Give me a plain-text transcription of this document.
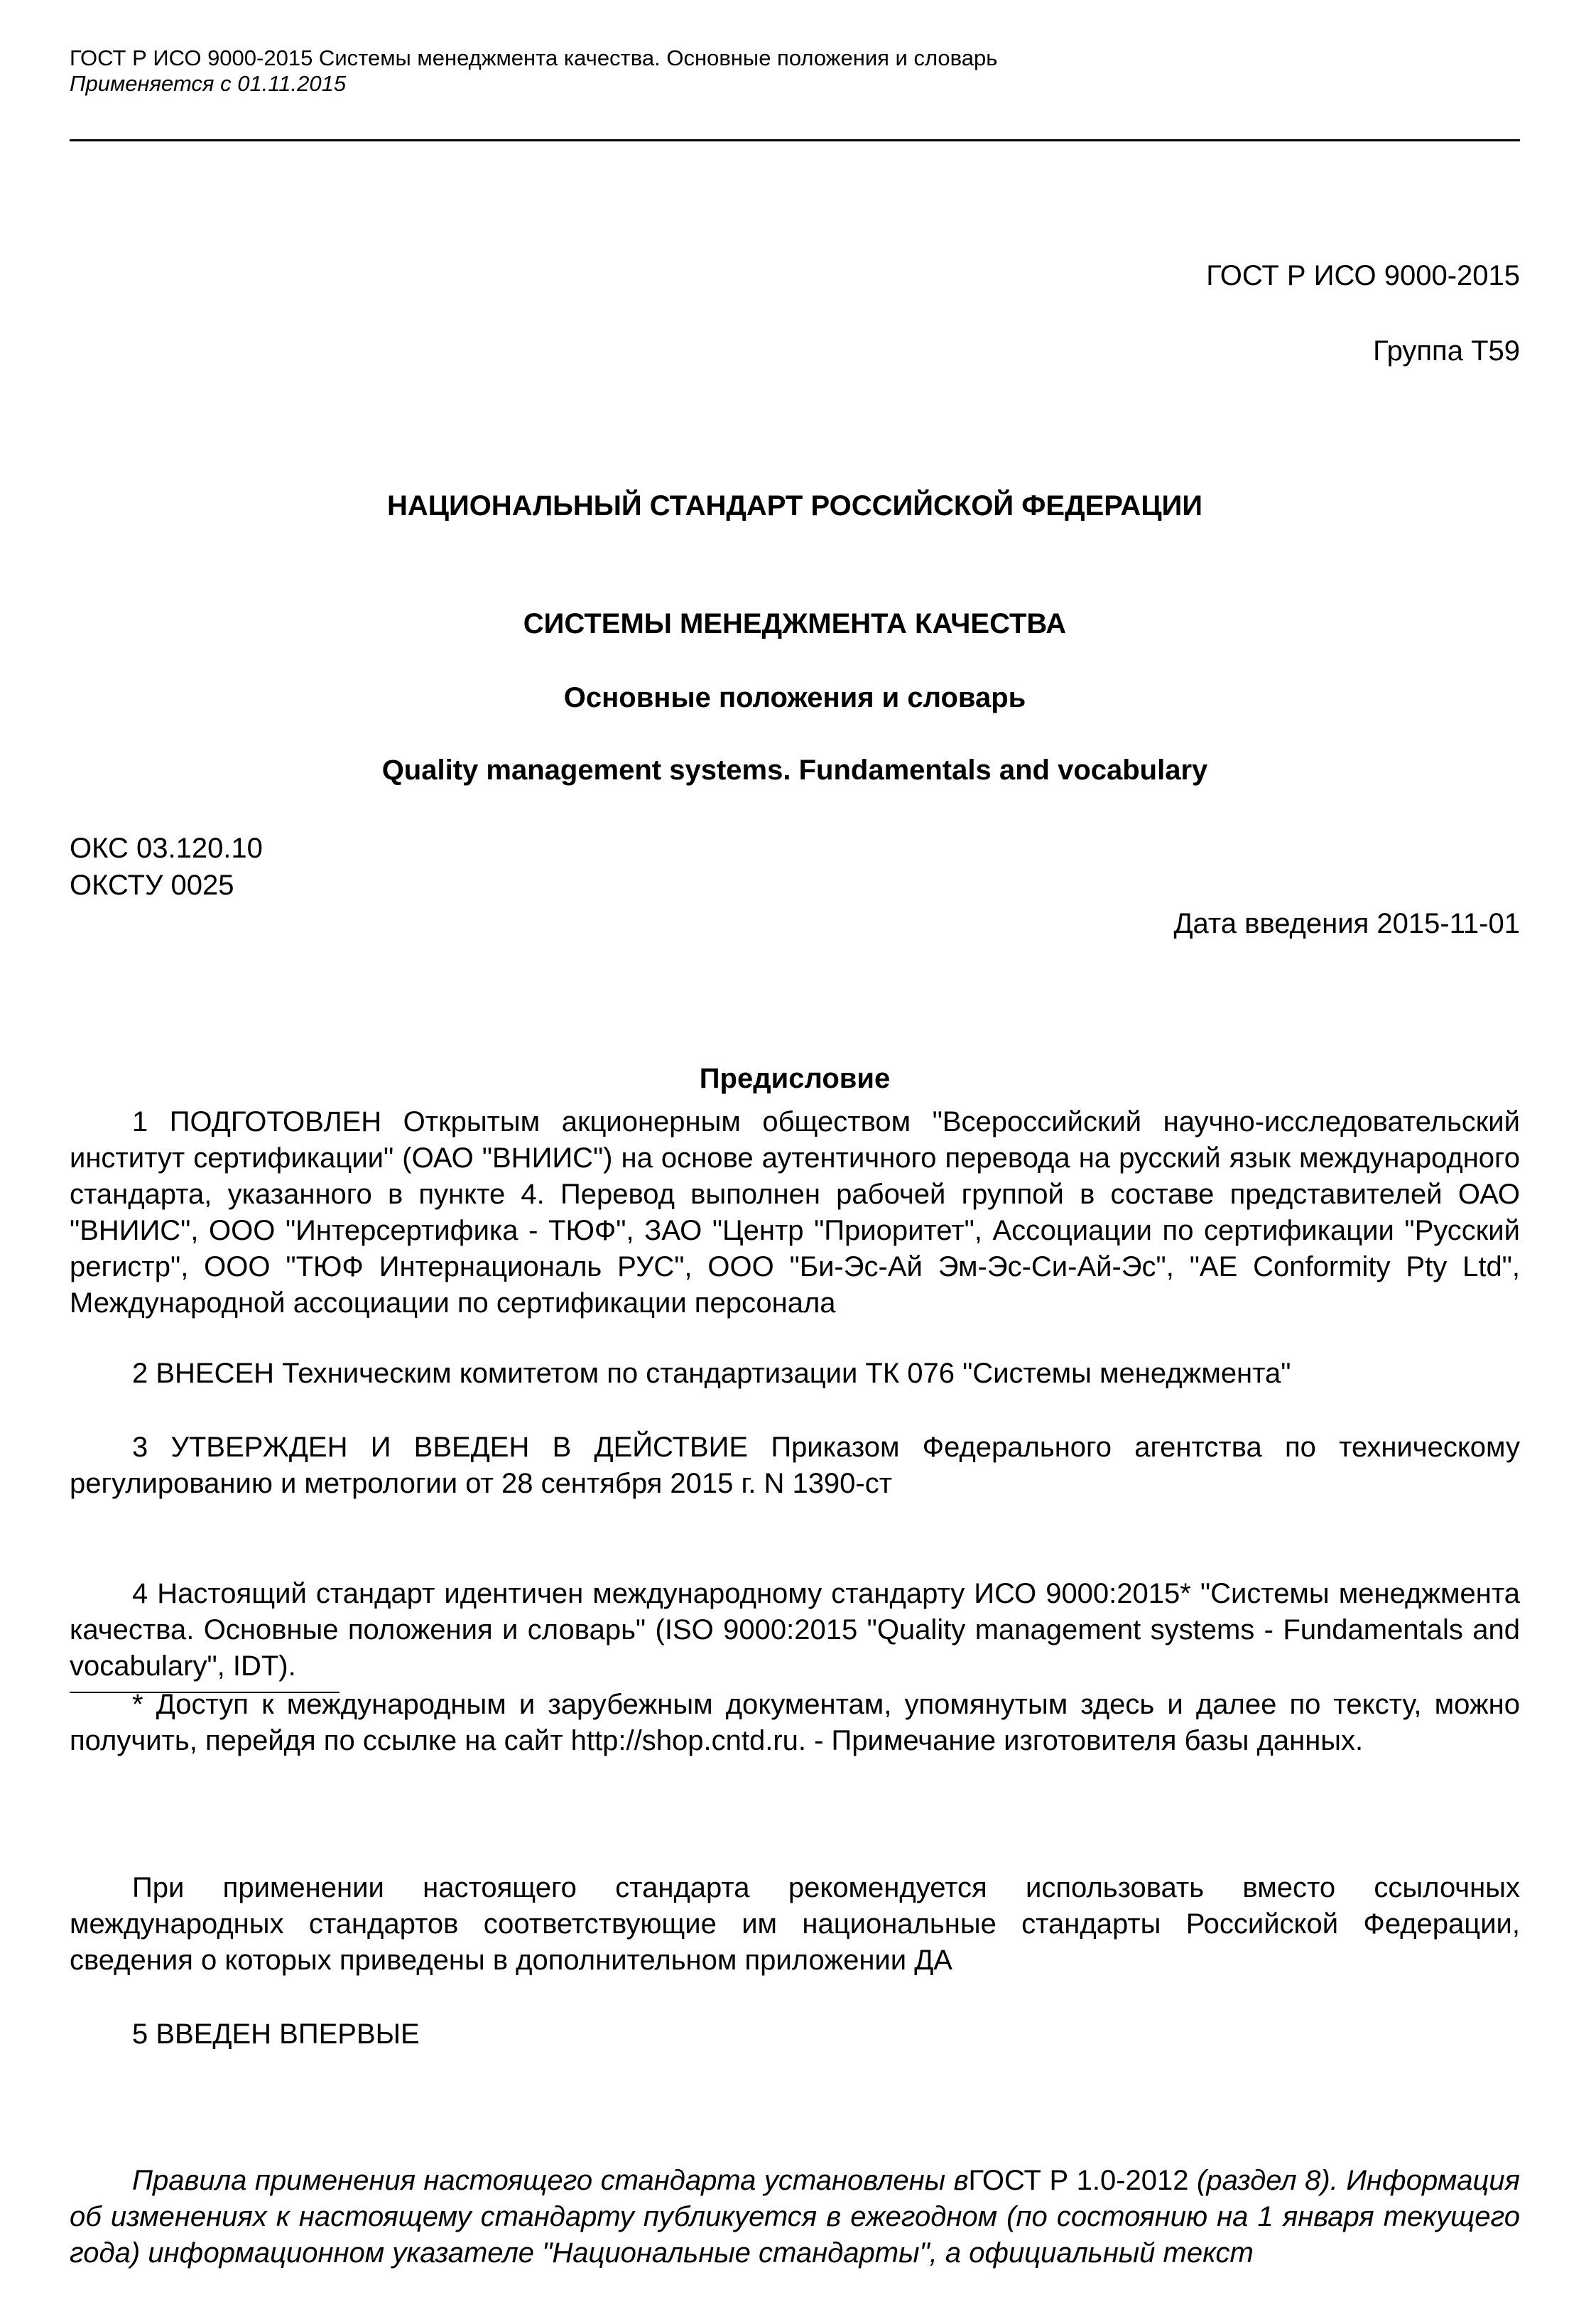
ГОСТ Р ИСО 9000-2015 Системы менеджмента качества. Основные положения и словарь
Применяется с 01.11.2015
ГОСТ Р ИСО 9000-2015
Группа Т59
НАЦИОНАЛЬНЫЙ СТАНДАРТ РОССИЙСКОЙ ФЕДЕРАЦИИ
СИСТЕМЫ МЕНЕДЖМЕНТА КАЧЕСТВА
Основные положения и словарь
Quality management systems. Fundamentals and vocabulary
ОКС 03.120.10
ОКСТУ 0025
Дата введения 2015-11-01
Предисловие
1 ПОДГОТОВЛЕН Открытым акционерным обществом "Всероссийский научно-исследовательский институт сертификации" (ОАО "ВНИИС") на основе аутентичного перевода на русский язык международного стандарта, указанного в пункте 4. Перевод выполнен рабочей группой в составе представителей ОАО "ВНИИС", ООО "Интерсертифика - ТЮФ", ЗАО "Центр "Приоритет", Ассоциации по сертификации "Русский регистр", ООО "ТЮФ Интернациональ РУС", ООО "Би-Эс-Ай Эм-Эс-Си-Ай-Эс", "AE Conformity Pty Ltd", Международной ассоциации по сертификации персонала
2 ВНЕСЕН Техническим комитетом по стандартизации ТК 076 "Системы менеджмента"
3 УТВЕРЖДЕН И ВВЕДЕН В ДЕЙСТВИЕ Приказом Федерального агентства по техническому регулированию и метрологии от 28 сентября 2015 г. N 1390-ст
4 Настоящий стандарт идентичен международному стандарту ИСО 9000:2015* "Системы менеджмента качества. Основные положения и словарь" (ISO 9000:2015 "Quality management systems - Fundamentals and vocabulary", IDT).
* Доступ к международным и зарубежным документам, упомянутым здесь и далее по тексту, можно получить, перейдя по ссылке на сайт http://shop.cntd.ru. - Примечание изготовителя базы данных.
При применении настоящего стандарта рекомендуется использовать вместо ссылочных международных стандартов соответствующие им национальные стандарты Российской Федерации, сведения о которых приведены в дополнительном приложении ДА
5 ВВЕДЕН ВПЕРВЫЕ
Правила применения настоящего стандарта установлены вГОСТ Р 1.0-2012 (раздел 8). Информация об изменениях к настоящему стандарту публикуется в ежегодном (по состоянию на 1 января текущего года) информационном указателе "Национальные стандарты", а официальный текст
